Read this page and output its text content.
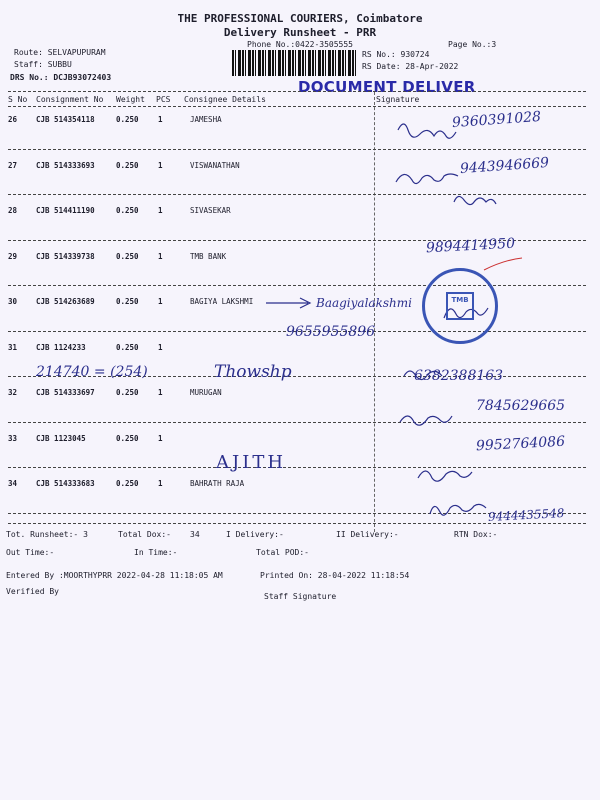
THE PROFESSIONAL COURIERS, Coimbatore
Delivery Runsheet - PRR
Phone No.:0422-3505555	Page No.:3
Route: SELVAPUPURAM
Staff: SUBBU
DRS No.: DCJB93072403
RS No.: 930724
RS Date: 28-Apr-2022
DOCUMENT DELIVER
S No Consignment No Weight PCS Consignee Details	Signature
26	CJB 514354118	0.250	1	JAMESHA
27	CJB 514333693	0.250	1	VISWANATHAN
28	CJB 514411190	0.250	1	SIVASEKAR
29	CJB 514339738	0.250	1	TMB BANK
30	CJB 514263689	0.250	1	BAGIYA LAKSHMI
31	CJB 1124233	0.250	1
32	CJB 514333697	0.250	1	MURUGAN
33	CJB 1123045	0.250	1
34	CJB 514333683	0.250	1	BAHRATH RAJA
9360391028
9443946669
9894414950
Baagiyalakshmi
9655955896
214740 = (254)	Thowshp	6382388163
7845629665
9952764086
AJITH
9444435548
TMB
Tot. Runsheet:- 3	Total Dox:- 34	I Delivery:-	II Delivery:-	RTN Dox:-
Out Time:-	In Time:-	Total POD:-
Entered By :MOORTHYPRR 2022-04-28 11:18:05 AM	Printed On: 28-04-2022 11:18:54
Verified By
Staff Signature
